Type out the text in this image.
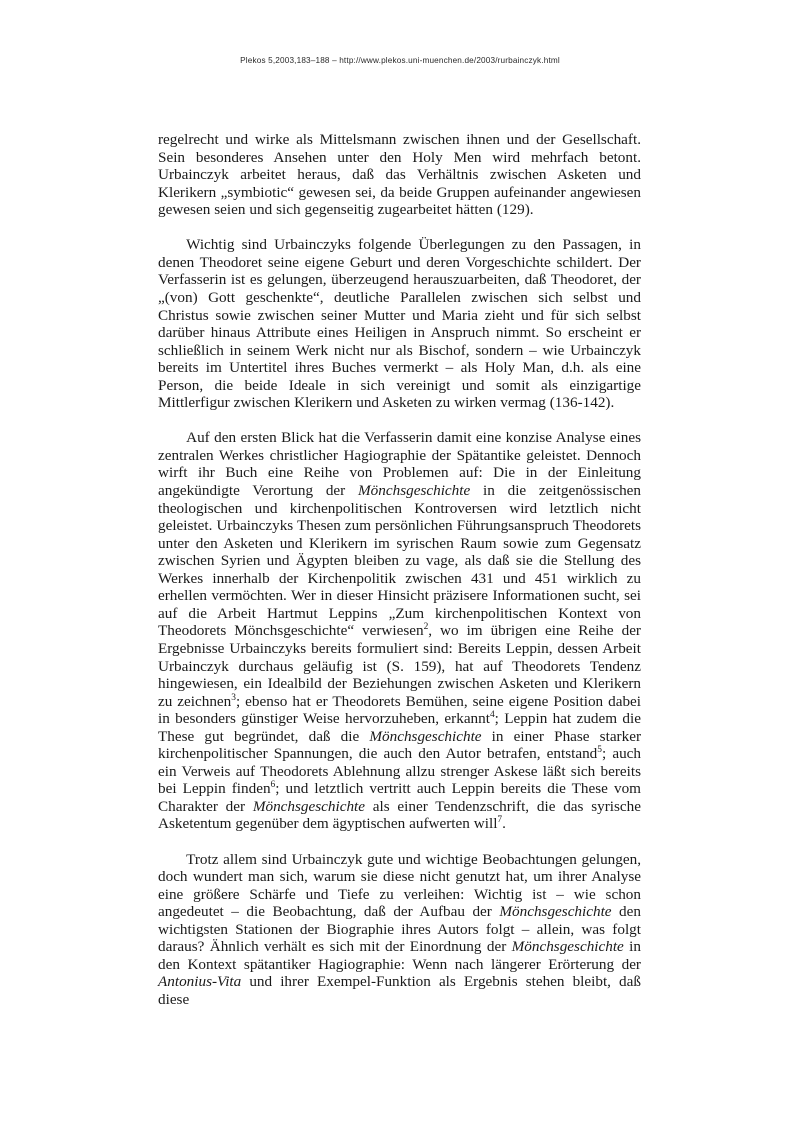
Plekos 5,2003,183–188 – http://www.plekos.uni-muenchen.de/2003/rurbainczyk.html

regelrecht und wirke als Mittelsmann zwischen ihnen und der Gesellschaft. Sein besonderes Ansehen unter den Holy Men wird mehrfach betont. Urbainczyk arbeitet heraus, daß das Verhältnis zwischen Asketen und Klerikern „symbiotic“ gewesen sei, da beide Gruppen aufeinander angewiesen gewesen seien und sich gegenseitig zugearbeitet hätten (129).

Wichtig sind Urbainczyks folgende Überlegungen zu den Passagen, in denen Theodoret seine eigene Geburt und deren Vorgeschichte schildert. Der Verfasserin ist es gelungen, überzeugend herauszuarbeiten, daß Theodoret, der „(von) Gott geschenkte“, deutliche Parallelen zwischen sich selbst und Christus sowie zwischen seiner Mutter und Maria zieht und für sich selbst darüber hinaus Attribute eines Heiligen in Anspruch nimmt. So erscheint er schließlich in seinem Werk nicht nur als Bischof, sondern – wie Urbainczyk bereits im Untertitel ihres Buches vermerkt – als Holy Man, d.h. als eine Person, die beide Ideale in sich vereinigt und somit als einzigartige Mittlerfigur zwischen Klerikern und Asketen zu wirken vermag (136-142).

Auf den ersten Blick hat die Verfasserin damit eine konzise Analyse eines zentralen Werkes christlicher Hagiographie der Spätantike geleistet. Dennoch wirft ihr Buch eine Reihe von Problemen auf: Die in der Einleitung angekündigte Verortung der Mönchsgeschichte in die zeitgenössischen theologischen und kirchenpolitischen Kontroversen wird letztlich nicht geleistet. Urbainczyks Thesen zum persönlichen Führungsanspruch Theodorets unter den Asketen und Klerikern im syrischen Raum sowie zum Gegensatz zwischen Syrien und Ägypten bleiben zu vage, als daß sie die Stellung des Werkes innerhalb der Kirchenpolitik zwischen 431 und 451 wirklich zu erhellen vermöchten. Wer in dieser Hinsicht präzisere Informationen sucht, sei auf die Arbeit Hartmut Leppins „Zum kirchenpolitischen Kontext von Theodorets Mönchsgeschichte“ verwiesen$^2$, wo im übrigen eine Reihe der Ergebnisse Urbainczyks bereits formuliert sind: Bereits Leppin, dessen Arbeit Urbainczyk durchaus geläufig ist (S. 159), hat auf Theodorets Tendenz hingewiesen, ein Idealbild der Beziehungen zwischen Asketen und Klerikern zu zeichnen$^3$; ebenso hat er Theodorets Bemühen, seine eigene Position dabei in besonders günstiger Weise hervorzuheben, erkannt$^4$; Leppin hat zudem die These gut begründet, daß die Mönchsgeschichte in einer Phase starker kirchenpolitischer Spannungen, die auch den Autor betrafen, entstand$^5$; auch ein Verweis auf Theodorets Ablehnung allzu strenger Askese läßt sich bereits bei Leppin finden$^6$; und letztlich vertritt auch Leppin bereits die These vom Charakter der Mönchsgeschichte als einer Tendenzschrift, die das syrische Asketentum gegenüber dem ägyptischen aufwerten will$^7$.

Trotz allem sind Urbainczyk gute und wichtige Beobachtungen gelungen, doch wundert man sich, warum sie diese nicht genutzt hat, um ihrer Analyse eine größere Schärfe und Tiefe zu verleihen: Wichtig ist – wie schon angedeutet – die Beobachtung, daß der Aufbau der Mönchsgeschichte den wichtigsten Stationen der Biographie ihres Autors folgt – allein, was folgt daraus? Ähnlich verhält es sich mit der Einordnung der Mönchsgeschichte in den Kontext spätantiker Hagiographie: Wenn nach längerer Erörterung der Antonius-Vita und ihrer Exempel-Funktion als Ergebnis stehen bleibt, daß diese
